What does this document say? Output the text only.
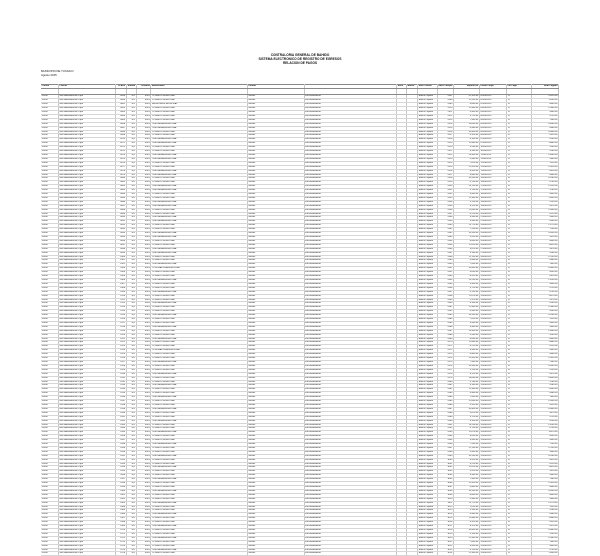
CONTRALORIA GENERAL DE BAHIDO
SISTEMA ELECTRONICO DE REGISTRO DE EGRESOS
RELACION DE PAGOS
MUNICIPIO DE TUXAICO
Agosto 2015
Cuenta	Cuenta	CLAVE	Subcta	NOMbre	Beneficiario	Partida		Serie	Banco	Num Cuenta	Ident Cheque	Importe Re	Fecha Cargo	Fte Pago	Neto Pagado

20000	Gto administracion 4 pal	0058	101	0001	CONSEJO MUNICIPAL	Gastos	Funcionamiento			Banco Popular	2907	31,320.00	02/08/2015	11	31320.00
20000	Gto administracion 4 pal	0060	101	0001	CONSEJO MUNICIPAL	Gastos	Funcionamiento			Banco Popular	2908	11,200.00	02/08/2015	11	11200.00
20000	Gto administracion 4 pal	0061	101	0001	REGIDORES MUNICIPAL	Gastos	Funcionamiento			Banco Popular	2909	8,640.00	02/08/2015	11	8640.00
20000	Gto administracion 4 pal	0062	101	0001	CONSEJO MUNICIPAL	Gastos	Funcionamiento			Banco Popular	2910	12,960.00	03/08/2015	11	12960.00
20000	Gto administracion 4 pal	0063	101	0001	CONSEJO MUNICIPAL	Gastos	Funcionamiento			Banco Popular	2911	5,400.00	03/08/2015	11	5400.00
20000	Gto administracion 4 pal	0064	101	0001	CONSEJO MUNICIPAL	Gastos	Funcionamiento			Banco Popular	2912	9,720.00	04/08/2015	11	9720.00
20000	Gto administracion 4 pal	0065	101	0001	CONSEJO MUNICIPAL	Gastos	Funcionamiento			Banco Popular	2913	7,560.00	04/08/2015	11	7560.00
20000	Gto administracion 4 pal	0066	101	0001	TESORERIA MUNICIPAL	Gastos	Funcionamiento			Banco Popular	2914	14,040.00	05/08/2015	11	14040.00
20000	Gto administracion 4 pal	0067	101	0001	TESORERIA MUNICIPAL	Gastos	Funcionamiento			Banco Popular	2915	6,480.00	05/08/2015	11	6480.00
20000	Gto administracion 4 pal	0068	101	0001	CONSEJO MUNICIPAL	Gastos	Funcionamiento			Banco Popular	2916	10,800.00	06/08/2015	11	10800.00
20000	Gto administracion 4 pal	0069	101	0001	CONSEJO MUNICIPAL	Gastos	Funcionamiento			Banco Popular	2917	4,320.00	06/08/2015	11	4320.00
20000	Gto administracion 4 pal	0070	101	0001	TESORERIA MUNICIPAL	Gastos	Funcionamiento			Banco Popular	2918	8,100.00	07/08/2015	11	8100.00
20000	Gto administracion 4 pal	0071	101	0001	TESORERIA MUNICIPAL	Gastos	Funcionamiento			Banco Popular	2919	11,880.00	07/08/2015	11	11880.00
20000	Gto administracion 4 pal	0072	101	0001	CONSEJO MUNICIPAL	Gastos	Funcionamiento			Banco Popular	2920	3,240.00	10/08/2015	11	3240.00
20000	Gto administracion 4 pal	0073	101	0001	CONSEJO MUNICIPAL	Gastos	Funcionamiento			Banco Popular	2921	9,180.00	10/08/2015	11	9180.00
20000	Gto administracion 4 pal	0074	101	0001	TESORERIA MUNICIPAL	Gastos	Funcionamiento			Banco Popular	2922	13,500.00	11/08/2015	11	13500.00
20000	Gto administracion 4 pal	0075	101	0001	TESORERIA MUNICIPAL	Gastos	Funcionamiento			Banco Popular	2923	5,940.00	11/08/2015	11	5940.00
20000	Gto administracion 4 pal	0076	101	0001	CONSEJO MUNICIPAL	Gastos	Funcionamiento			Banco Popular	2924	7,020.00	12/08/2015	11	7020.00
20000	Gto administracion 4 pal	0077	101	0001	CONSEJO MUNICIPAL	Gastos	Funcionamiento			Banco Popular	2925	12,420.00	12/08/2015	11	12420.00
20000	Gto administracion 4 pal	0078	101	0001	TESORERIA MUNICIPAL	Gastos	Funcionamiento			Banco Popular	2926	8,910.00	13/08/2015	11	8910.00
20000	Gto administracion 4 pal	0079	101	0001	TESORERIA MUNICIPAL	Gastos	Funcionamiento			Banco Popular	2927	4,860.00	13/08/2015	11	4860.00
20000	Gto administracion 4 pal	0080	101	0001	CONSEJO MUNICIPAL	Gastos	Funcionamiento			Banco Popular	2928	10,260.00	14/08/2015	11	10260.00
20000	Gto administracion 4 pal	0081	101	0001	CONSEJO MUNICIPAL	Gastos	Funcionamiento			Banco Popular	2929	6,750.00	14/08/2015	11	6750.00
20000	Gto administracion 4 pal	0082	101	0001	TESORERIA MUNICIPAL	Gastos	Funcionamiento			Banco Popular	2930	15,120.00	17/08/2015	11	15120.00
20000	Gto administracion 4 pal	0083	101	0001	TESORERIA MUNICIPAL	Gastos	Funcionamiento			Banco Popular	2931	3,780.00	17/08/2015	11	3780.00
20000	Gto administracion 4 pal	0084	101	0001	CONSEJO MUNICIPAL	Gastos	Funcionamiento			Banco Popular	2932	9,450.00	18/08/2015	11	9450.00
20000	Gto administracion 4 pal	0085	101	0001	CONSEJO MUNICIPAL	Gastos	Funcionamiento			Banco Popular	2933	11,340.00	18/08/2015	11	11340.00
20000	Gto administracion 4 pal	0086	101	0001	TESORERIA MUNICIPAL	Gastos	Funcionamiento			Banco Popular	2934	5,130.00	19/08/2015	11	5130.00
20000	Gto administracion 4 pal	0087	101	0001	TESORERIA MUNICIPAL	Gastos	Funcionamiento			Banco Popular	2935	8,370.00	19/08/2015	11	8370.00
20000	Gto administracion 4 pal	0088	101	0001	CONSEJO MUNICIPAL	Gastos	Funcionamiento			Banco Popular	2936	12,690.00	20/08/2015	11	12690.00
20000	Gto administracion 4 pal	0089	101	0001	CONSEJO MUNICIPAL	Gastos	Funcionamiento			Banco Popular	2937	6,210.00	20/08/2015	11	6210.00
20000	Gto administracion 4 pal	0090	101	0001	TESORERIA MUNICIPAL	Gastos	Funcionamiento			Banco Popular	2938	9,990.00	21/08/2015	11	9990.00
20000	Gto administracion 4 pal	0091	101	0001	TESORERIA MUNICIPAL	Gastos	Funcionamiento			Banco Popular	2939	4,590.00	21/08/2015	11	4590.00
20000	Gto administracion 4 pal	0092	101	0001	CONSEJO MUNICIPAL	Gastos	Funcionamiento			Banco Popular	2940	13,770.00	24/08/2015	11	13770.00
20000	Gto administracion 4 pal	0093	101	0001	CONSEJO MUNICIPAL	Gastos	Funcionamiento			Banco Popular	2941	7,290.00	24/08/2015	11	7290.00
20000	Gto administracion 4 pal	0094	101	0001	TESORERIA MUNICIPAL	Gastos	Funcionamiento			Banco Popular	2942	10,530.00	25/08/2015	11	10530.00
20000	Gto administracion 4 pal	0095	101	0001	TESORERIA MUNICIPAL	Gastos	Funcionamiento			Banco Popular	2943	3,510.00	25/08/2015	11	3510.00
20000	Gto administracion 4 pal	0096	101	0001	CONSEJO MUNICIPAL	Gastos	Funcionamiento			Banco Popular	2944	8,640.00	26/08/2015	11	8640.00
20000	Gto administracion 4 pal	0097	101	0001	CONSEJO MUNICIPAL	Gastos	Funcionamiento			Banco Popular	2945	11,610.00	26/08/2015	11	11610.00
20000	Gto administracion 4 pal	0098	101	0001	TESORERIA MUNICIPAL	Gastos	Funcionamiento			Banco Popular	2946	5,670.00	27/08/2015	11	5670.00
20000	Gto administracion 4 pal	0099	101	0001	TESORERIA MUNICIPAL	Gastos	Funcionamiento			Banco Popular	2947	9,180.00	27/08/2015	11	9180.00
20000	Gto administracion 4 pal	0100	101	0001	CONSEJO MUNICIPAL	Gastos	Funcionamiento			Banco Popular	2948	12,150.00	28/08/2015	11	12150.00
20000	Gto administracion 4 pal	0101	101	0001	CONSEJO MUNICIPAL	Gastos	Funcionamiento			Banco Popular	2949	6,480.00	28/08/2015	11	6480.00
20000	Gto administracion 4 pal	0102	101	0001	TESORERIA MUNICIPAL	Gastos	Funcionamiento			Banco Popular	2950	7,830.00	31/08/2015	11	7830.00
20000	Gto administracion 4 pal	0103	101	0001	CONTRALORIA MUNICIPAL	Gastos	Funcionamiento			Banco Popular	2951	10,800.00	31/08/2015	11	10800.00
20000	Gto administracion 4 pal	0104	101	0001	CONSEJO MUNICIPAL	Gastos	Funcionamiento			Banco Popular	2952	4,050.00	31/08/2015	11	4050.00
20000	Gto administracion 4 pal	0105	101	0001	CONSEJO MUNICIPAL	Gastos	Funcionamiento			Banco Popular	2953	8,910.00	31/08/2015	11	8910.00
20000	Gto administracion 4 pal	0106	101	0001	TESORERIA MUNICIPAL	Gastos	Funcionamiento			Banco Popular	2954	13,230.00	31/08/2015	11	13230.00
20000	Gto administracion 4 pal	0107	101	0001	CONSEJO MUNICIPAL	Gastos	Funcionamiento			Banco Popular	2955	5,400.00	31/08/2015	11	5400.00
20000	Gto administracion 4 pal	0108	101	0001	CONSEJO MUNICIPAL	Gastos	Funcionamiento			Banco Popular	2956	9,720.00	31/08/2015	11	9720.00
20000	Gto administracion 4 pal	0109	101	0001	TESORERIA MUNICIPAL	Gastos	Funcionamiento			Banco Popular	2957	6,750.00	31/08/2015	11	6750.00
20000	Gto administracion 4 pal	0110	101	0001	CONSEJO MUNICIPAL	Gastos	Funcionamiento			Banco Popular	2958	11,070.00	31/08/2015	11	11070.00
20000	Gto administracion 4 pal	0111	101	0001	CONSEJO MUNICIPAL	Gastos	Funcionamiento			Banco Popular	2959	2,970.00	31/08/2015	11	2970.00
20000	Gto administracion 4 pal	0112	101	0001	TESORERIA MUNICIPAL	Gastos	Funcionamiento			Banco Popular	2960	8,100.00	31/08/2015	11	8100.00
20000	Gto administracion 4 pal	0113	101	0001	CONSEJO MUNICIPAL	Gastos	Funcionamiento			Banco Popular	2961	12,960.00	31/08/2015	11	12960.00
20000	Gto administracion 4 pal	0114	101	0001	CONSEJO MUNICIPAL	Gastos	Funcionamiento			Banco Popular	2962	4,590.00	31/08/2015	11	4590.00
20000	Gto administracion 4 pal	0115	101	0001	TESORERIA MUNICIPAL	Gastos	Funcionamiento			Banco Popular	2963	10,260.00	31/08/2015	11	10260.00
20000	Gto administracion 4 pal	0116	101	0001	CONSEJO MUNICIPAL	Gastos	Funcionamiento			Banco Popular	2964	7,020.00	31/08/2015	11	7020.00
20000	Gto administracion 4 pal	0117	101	0001	CONSEJO MUNICIPAL	Gastos	Funcionamiento			Banco Popular	2965	9,450.00	31/08/2015	11	9450.00
20000	Gto administracion 4 pal	0118	101	0001	TESORERIA MUNICIPAL	Gastos	Funcionamiento			Banco Popular	2966	5,940.00	31/08/2015	11	5940.00
20000	Gto administracion 4 pal	0119	101	0001	CONSEJO MUNICIPAL	Gastos	Funcionamiento			Banco Popular	2967	13,500.00	31/08/2015	11	13500.00
20000	Gto administracion 4 pal	0120	101	0001	CONSEJO MUNICIPAL	Gastos	Funcionamiento			Banco Popular	2968	3,240.00	31/08/2015	11	3240.00
20000	Gto administracion 4 pal	0121	101	0001	TESORERIA MUNICIPAL	Gastos	Funcionamiento			Banco Popular	2969	8,640.00	31/08/2015	11	8640.00
20000	Gto administracion 4 pal	0122	101	0001	CONSEJO MUNICIPAL	Gastos	Funcionamiento			Banco Popular	2970	11,880.00	31/08/2015	11	11880.00
20000	Gto administracion 4 pal	0123	101	0001	CONSEJO MUNICIPAL	Gastos	Funcionamiento			Banco Popular	2971	6,210.00	31/08/2015	11	6210.00
20000	Gto administracion 4 pal	0124	101	0001	CONTRALORIA MUNICIPAL	Gastos	Funcionamiento			Banco Popular	2972	9,990.00	31/08/2015	11	9990.00
20000	Gto administracion 4 pal	0125	101	0001	CONSEJO MUNICIPAL	Gastos	Funcionamiento			Banco Popular	2973	4,860.00	31/08/2015	11	4860.00
20000	Gto administracion 4 pal	0126	101	0001	CONSEJO MUNICIPAL	Gastos	Funcionamiento			Banco Popular	2974	12,420.00	31/08/2015	11	12420.00
20000	Gto administracion 4 pal	0127	101	0001	TESORERIA MUNICIPAL	Gastos	Funcionamiento			Banco Popular	2975	7,560.00	31/08/2015	11	7560.00
20000	Gto administracion 4 pal	0128	101	0001	CONSEJO MUNICIPAL	Gastos	Funcionamiento			Banco Popular	2976	10,530.00	31/08/2015	11	10530.00
20000	Gto administracion 4 pal	0129	101	0001	CONSEJO MUNICIPAL	Gastos	Funcionamiento			Banco Popular	2977	5,130.00	31/08/2015	11	5130.00
20000	Gto administracion 4 pal	0130	101	0001	TESORERIA MUNICIPAL	Gastos	Funcionamiento			Banco Popular	2978	8,370.00	31/08/2015	11	8370.00
20000	Gto administracion 4 pal	0131	101	0001	CONSEJO MUNICIPAL	Gastos	Funcionamiento			Banco Popular	2979	14,040.00	31/08/2015	11	14040.00
20000	Gto administracion 4 pal	0132	101	0001	CONSEJO MUNICIPAL	Gastos	Funcionamiento			Banco Popular	2980	3,780.00	31/08/2015	11	3780.00
20000	Gto administracion 4 pal	0133	101	0001	TESORERIA MUNICIPAL	Gastos	Funcionamiento			Banco Popular	2981	9,180.00	31/08/2015	11	9180.00
20000	Gto administracion 4 pal	0134	101	0001	CONSEJO MUNICIPAL	Gastos	Funcionamiento			Banco Popular	2982	11,340.00	31/08/2015	11	11340.00
20000	Gto administracion 4 pal	0135	101	0001	CONSEJO MUNICIPAL	Gastos	Funcionamiento			Banco Popular	2983	6,480.00	31/08/2015	11	6480.00
20000	Gto administracion 4 pal	0136	101	0001	TESORERIA MUNICIPAL	Gastos	Funcionamiento			Banco Popular	2984	7,830.00	31/08/2015	11	7830.00
20000	Gto administracion 4 pal	0137	101	0001	CONSEJO MUNICIPAL	Gastos	Funcionamiento			Banco Popular	2985	12,690.00	31/08/2015	11	12690.00
20000	Gto administracion 4 pal	0138	101	0001	CONSEJO MUNICIPAL	Gastos	Funcionamiento			Banco Popular	2986	4,320.00	31/08/2015	11	4320.00
20000	Gto administracion 4 pal	0139	101	0001	TESORERIA MUNICIPAL	Gastos	Funcionamiento			Banco Popular	2987	10,800.00	31/08/2015	11	10800.00
20000	Gto administracion 4 pal	0140	101	0001	CONSEJO MUNICIPAL	Gastos	Funcionamiento			Banco Popular	2988	5,670.00	31/08/2015	11	5670.00
20000	Gto administracion 4 pal	0141	101	0001	CONSEJO MUNICIPAL	Gastos	Funcionamiento			Banco Popular	2989	9,720.00	31/08/2015	11	9720.00
20000	Gto administracion 4 pal	0142	101	0001	TESORERIA MUNICIPAL	Gastos	Funcionamiento			Banco Popular	2990	8,100.00	31/08/2015	11	8100.00
20000	Gto administracion 4 pal	0143	101	0001	CONSEJO MUNICIPAL	Gastos	Funcionamiento			Banco Popular	2991	13,230.00	31/08/2015	11	13230.00
20000	Gto administracion 4 pal	0144	101	0001	CONSEJO MUNICIPAL	Gastos	Funcionamiento			Banco Popular	2992	6,750.00	31/08/2015	11	6750.00
20000	Gto administracion 4 pal	0145	101	0001	TESORERIA MUNICIPAL	Gastos	Funcionamiento			Banco Popular	2993	11,070.00	31/08/2015	11	11070.00
20000	Gto administracion 4 pal	0146	101	0001	CONSEJO MUNICIPAL	Gastos	Funcionamiento			Banco Popular	2994	4,050.00	31/08/2015	11	4050.00
20000	Gto administracion 4 pal	0147	101	0001	CONSEJO MUNICIPAL	Gastos	Funcionamiento			Banco Popular	2995	9,450.00	31/08/2015	11	9450.00
20000	Gto administracion 4 pal	0148	101	0001	TESORERIA MUNICIPAL	Gastos	Funcionamiento			Banco Popular	2996	7,290.00	31/08/2015	11	7290.00
20000	Gto administracion 4 pal	0149	101	0001	CONSEJO MUNICIPAL	Gastos	Funcionamiento			Banco Popular	2997	12,150.00	31/08/2015	11	12150.00
20000	Gto administracion 4 pal	0150	101	0001	CONSEJO MUNICIPAL	Gastos	Funcionamiento			Banco Popular	2998	5,400.00	31/08/2015	11	5400.00
20000	Gto administracion 4 pal	0151	101	0001	TESORERIA MUNICIPAL	Gastos	Funcionamiento			Banco Popular	2999	10,260.00	31/08/2015	11	10260.00
20000	Gto administracion 4 pal	0152	101	0001	CONSEJO MUNICIPAL	Gastos	Funcionamiento			Banco Popular	3000	8,910.00	31/08/2015	11	8910.00
20000	Gto administracion 4 pal	0153	101	0001	CONSEJO MUNICIPAL	Gastos	Funcionamiento			Banco Popular	3001	6,210.00	31/08/2015	11	6210.00
20000	Gto administracion 4 pal	0154	101	0001	TESORERIA MUNICIPAL	Gastos	Funcionamiento			Banco Popular	3002	11,610.00	31/08/2015	11	11610.00
20000	Gto administracion 4 pal	0155	101	0001	CONSEJO MUNICIPAL	Gastos	Funcionamiento			Banco Popular	3003	3,510.00	31/08/2015	11	3510.00
20000	Gto administracion 4 pal	0156	101	0001	CONSEJO MUNICIPAL	Gastos	Funcionamiento			Banco Popular	3004	9,990.00	31/08/2015	11	9990.00
20000	Gto administracion 4 pal	0157	101	0001	TESORERIA MUNICIPAL	Gastos	Funcionamiento			Banco Popular	3005	7,560.00	31/08/2015	11	7560.00
20000	Gto administracion 4 pal	0158	101	0001	CONSEJO MUNICIPAL	Gastos	Funcionamiento			Banco Popular	3006	12,420.00	31/08/2015	11	12420.00
20000	Gto administracion 4 pal	0159	101	0001	CONSEJO MUNICIPAL	Gastos	Funcionamiento			Banco Popular	3007	4,860.00	31/08/2015	11	4860.00
20000	Gto administracion 4 pal	0160	101	0001	TESORERIA MUNICIPAL	Gastos	Funcionamiento			Banco Popular	3008	10,530.00	31/08/2015	11	10530.00
20000	Gto administracion 4 pal	0161	101	0001	CONSEJO MUNICIPAL	Gastos	Funcionamiento			Banco Popular	3009	8,640.00	31/08/2015	11	8640.00
20000	Gto administracion 4 pal	0162	101	0001	CONSEJO MUNICIPAL	Gastos	Funcionamiento			Banco Popular	3010	5,940.00	31/08/2015	11	5940.00
20000	Gto administracion 4 pal	0163	101	0001	TESORERIA MUNICIPAL	Gastos	Funcionamiento			Banco Popular	3011	13,770.00	31/08/2015	11	13770.00
20000	Gto administracion 4 pal	0164	101	0001	CONSEJO MUNICIPAL	Gastos	Funcionamiento			Banco Popular	3012	7,020.00	31/08/2015	11	7020.00
20000	Gto administracion 4 pal	0165	101	0001	CONSEJO MUNICIPAL	Gastos	Funcionamiento			Banco Popular	3013	9,180.00	31/08/2015	11	9180.00
20000	Gto administracion 4 pal	0166	101	0001	TESORERIA MUNICIPAL	Gastos	Funcionamiento			Banco Popular	3014	6,480.00	31/08/2015	11	6480.00
20000	Gto administracion 4 pal	0167	101	0001	CONSEJO MUNICIPAL	Gastos	Funcionamiento			Banco Popular	3015	11,880.00	31/08/2015	11	11880.00
20000	Gto administracion 4 pal	0168	101	0001	CONSEJO MUNICIPAL	Gastos	Funcionamiento			Banco Popular	3016	4,320.00	31/08/2015	11	4320.00
20000	Gto administracion 4 pal	0169	101	0001	TESORERIA MUNICIPAL	Gastos	Funcionamiento			Banco Popular	3017	8,370.00	31/08/2015	11	8370.00
20000	Gto administracion 4 pal	0170	101	0001	CONSEJO MUNICIPAL	Gastos	Funcionamiento			Banco Popular	3018	10,800.00	31/08/2015	11	10800.00
20000	Gto administracion 4 pal	0171	101	0001	CONSEJO MUNICIPAL	Gastos	Funcionamiento			Banco Popular	3019	5,130.00	31/08/2015	11	5130.00
20000	Gto administracion 4 pal	0172	101	0001	TESORERIA MUNICIPAL	Gastos	Funcionamiento			Banco Popular	3020	12,960.00	31/08/2015	11	12960.00
20000	Gto administracion 4 pal	0173	101	0001	CONSEJO MUNICIPAL	Gastos	Funcionamiento			Banco Popular	3021	7,830.00	31/08/2015	11	7830.00
20000	Gto administracion 4 pal	0174	101	0001	CONSEJO MUNICIPAL	Gastos	Funcionamiento			Banco Popular	3022	9,450.00	31/08/2015	11	9450.00
20000	Gto administracion 4 pal	0175	101	0001	TESORERIA MUNICIPAL	Gastos	Funcionamiento			Banco Popular	3023	6,750.00	31/08/2015	11	6750.00
20000	Gto administracion 4 pal	0176	101	0001	CONSEJO MUNICIPAL	Gastos	Funcionamiento			Banco Popular	3024	11,340.00	31/08/2015	11	11340.00
